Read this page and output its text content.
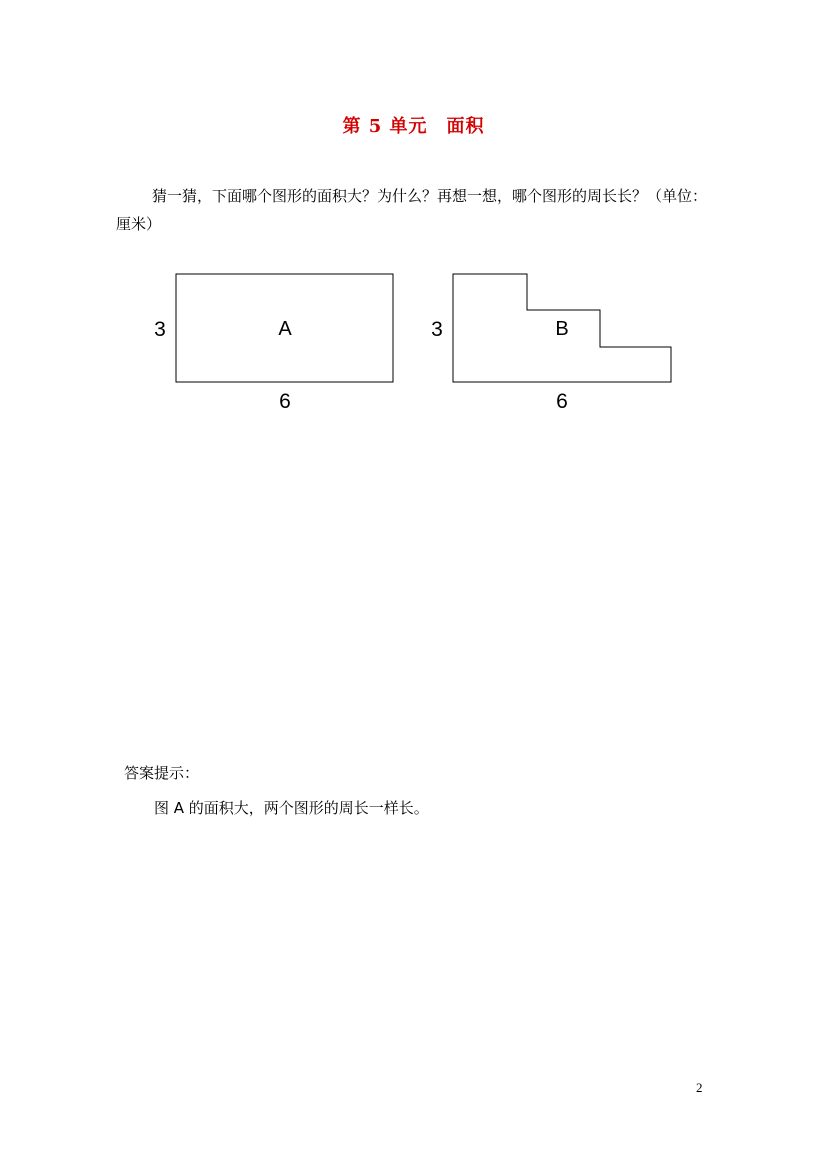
第 5 单元　面积
猜一猜，下面哪个图形的面积大？为什么？再想一想，哪个图形的周长长？（单位：厘米）
A
3
6
B
3
6
答案提示：
图 A 的面积大，两个图形的周长一样长。
2
